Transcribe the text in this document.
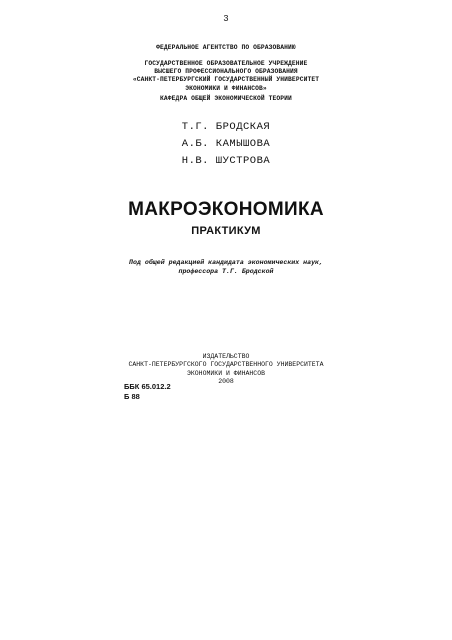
3
ФЕДЕРАЛЬНОЕ АГЕНТСТВО ПО ОБРАЗОВАНИЮ
ГОСУДАРСТВЕННОЕ ОБРАЗОВАТЕЛЬНОЕ УЧРЕЖДЕНИЕ
ВЫСШЕГО ПРОФЕССИОНАЛЬНОГО ОБРАЗОВАНИЯ
«САНКТ-ПЕТЕРБУРГСКИЙ ГОСУДАРСТВЕННЫЙ УНИВЕРСИТЕТ
ЭКОНОМИКИ И ФИНАНСОВ»
КАФЕДРА ОБЩЕЙ ЭКОНОМИЧЕСКОЙ ТЕОРИИ
Т.Г. БРОДСКАЯ
А.Б. КАМЫШОВА
Н.В. ШУСТРОВА
МАКРОЭКОНОМИКА
ПРАКТИКУМ
Под общей редакцией кандидата экономических наук,
профессора Т.Г. Бродской
ИЗДАТЕЛЬСТВО
САНКТ-ПЕТЕРБУРГСКОГО ГОСУДАРСТВЕННОГО УНИВЕРСИТЕТА
ЭКОНОМИКИ И ФИНАНСОВ
2008
ББК 65.012.2
Б 88
